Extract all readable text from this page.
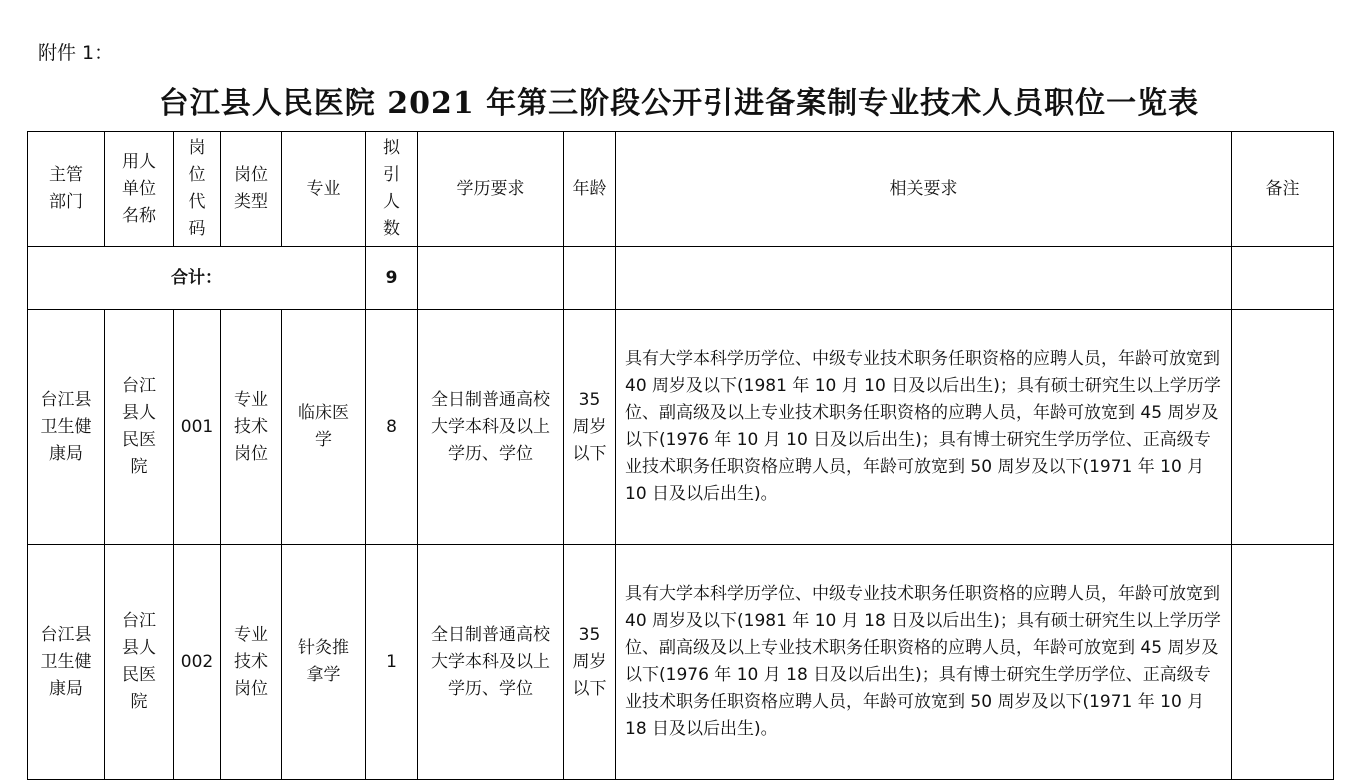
附件 1：
台江县人民医院 2021 年第三阶段公开引进备案制专业技术人员职位一览表
主管部门	用人单位名称	岗位代码	岗位类型	专业	拟引人数	学历要求	年龄	相关要求	备注
合计：					9				
台江县卫生健康局	台江县人民医院	001	专业技术岗位	临床医学	8	全日制普通高校大学本科及以上学历、学位	35周岁以下	具有大学本科学历学位、中级专业技术职务任职资格的应聘人员，年龄可放宽到 40 周岁及以下(1981 年 10 月 10 日及以后出生)；具有硕士研究生以上学历学位、副高级及以上专业技术职务任职资格的应聘人员，年龄可放宽到 45 周岁及以下(1976 年 10 月 10 日及以后出生)；具有博士研究生学历学位、正高级专业技术职务任职资格应聘人员，年龄可放宽到 50 周岁及以下(1971 年 10 月 10 日及以后出生)。	
台江县卫生健康局	台江县人民医院	002	专业技术岗位	针灸推拿学	1	全日制普通高校大学本科及以上学历、学位	35周岁以下	具有大学本科学历学位、中级专业技术职务任职资格的应聘人员，年龄可放宽到 40 周岁及以下(1981 年 10 月 18 日及以后出生)；具有硕士研究生以上学历学位、副高级及以上专业技术职务任职资格的应聘人员，年龄可放宽到 45 周岁及以下(1976 年 10 月 18 日及以后出生)；具有博士研究生学历学位、正高级专业技术职务任职资格应聘人员，年龄可放宽到 50 周岁及以下(1971 年 10 月 18 日及以后出生)。	
